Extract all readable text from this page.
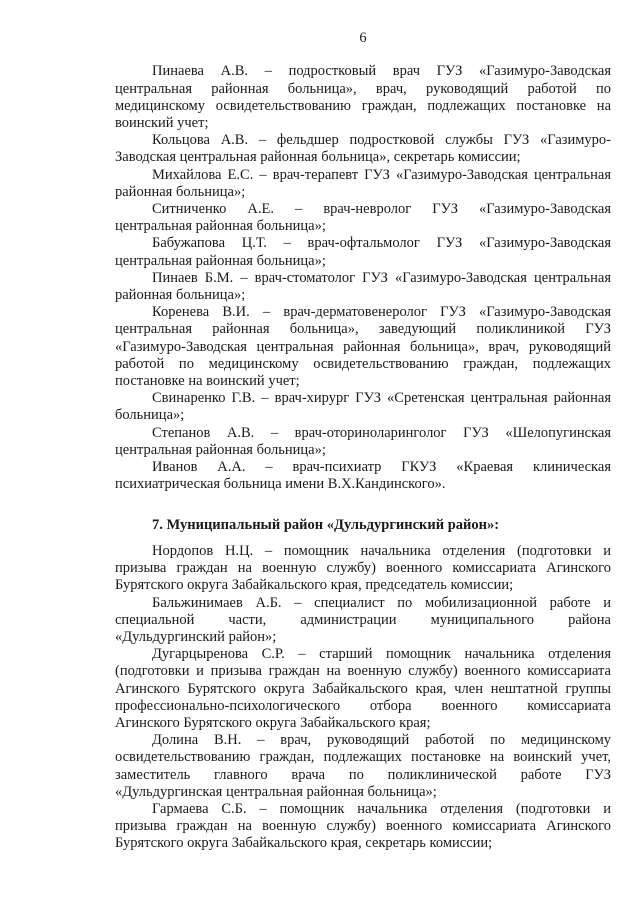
6
Пинаева А.В. – подростковый врач ГУЗ «Газимуро-Заводская
центральная районная больница», врач, руководящий работой по
медицинскому освидетельствованию граждан, подлежащих постановке на
воинский учет;
Кольцова А.В. – фельдшер подростковой службы ГУЗ «Газимуро-
Заводская центральная районная больница», секретарь комиссии;
Михайлова Е.С. – врач-терапевт ГУЗ «Газимуро-Заводская центральная
районная больница»;
Ситниченко А.Е. – врач-невролог ГУЗ «Газимуро-Заводская
центральная районная больница»;
Бабужапова Ц.Т. – врач-офтальмолог ГУЗ «Газимуро-Заводская
центральная районная больница»;
Пинаев Б.М. – врач-стоматолог ГУЗ «Газимуро-Заводская центральная
районная больница»;
Коренева В.И. – врач-дерматовенеролог ГУЗ «Газимуро-Заводская
центральная районная больница», заведующий поликлиникой ГУЗ
«Газимуро-Заводская центральная районная больница», врач, руководящий
работой по медицинскому освидетельствованию граждан, подлежащих
постановке на воинский учет;
Свинаренко Г.В. – врач-хирург ГУЗ «Сретенская центральная районная
больница»;
Степанов А.В. – врач-оториноларинголог ГУЗ «Шелопугинская
центральная районная больница»;
Иванов А.А. – врач-психиатр ГКУЗ «Краевая клиническая
психиатрическая больница имени В.Х.Кандинского».
7. Муниципальный район «Дульдургинский район»:
Нордопов Н.Ц. – помощник начальника отделения (подготовки и
призыва граждан на военную службу) военного комиссариата Агинского
Бурятского округа Забайкальского края, председатель комиссии;
Бальжинимаев А.Б. – специалист по мобилизационной работе и
специальной части, администрации муниципального района
«Дульдургинский район»;
Дугарцыренова С.Р. – старший помощник начальника отделения
(подготовки и призыва граждан на военную службу) военного комиссариата
Агинского Бурятского округа Забайкальского края, член нештатной группы
профессионально-психологического отбора военного комиссариата
Агинского Бурятского округа Забайкальского края;
Долина В.Н. – врач, руководящий работой по медицинскому
освидетельствованию граждан, подлежащих постановке на воинский учет,
заместитель главного врача по поликлинической работе ГУЗ
«Дульдургинская центральная районная больница»;
Гармаева С.Б. – помощник начальника отделения (подготовки и
призыва граждан на военную службу) военного комиссариата Агинского
Бурятского округа Забайкальского края, секретарь комиссии;
